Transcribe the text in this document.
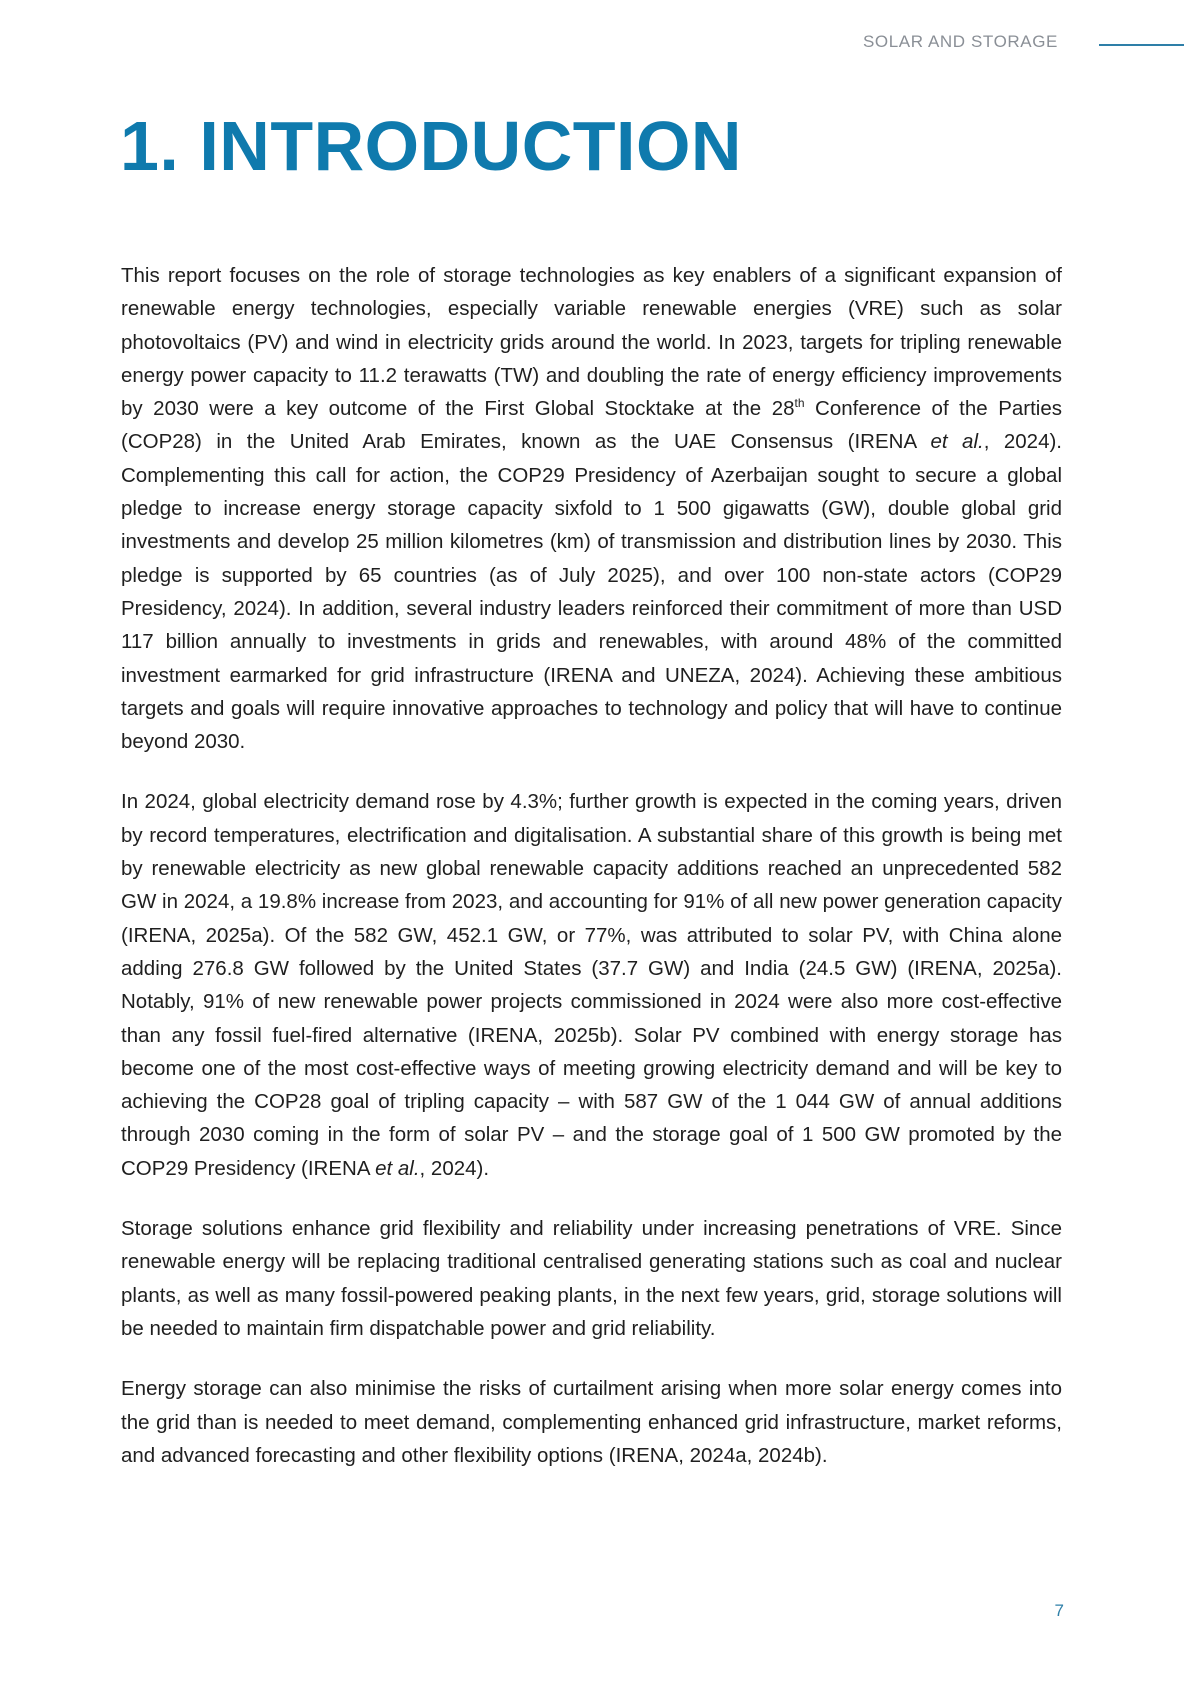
SOLAR AND STORAGE
1. INTRODUCTION

This report focuses on the role of storage technologies as key enablers of a significant expansion of renewable energy technologies, especially variable renewable energies (VRE) such as solar photovoltaics (PV) and wind in electricity grids around the world. In 2023, targets for tripling renewable energy power capacity to 11.2 terawatts (TW) and doubling the rate of energy efficiency improvements by 2030 were a key outcome of the First Global Stocktake at the 28th Conference of the Parties (COP28) in the United Arab Emirates, known as the UAE Consensus (IRENA et al., 2024). Complementing this call for action, the COP29 Presidency of Azerbaijan sought to secure a global pledge to increase energy storage capacity sixfold to 1 500 gigawatts (GW), double global grid investments and develop 25 million kilometres (km) of transmission and distribution lines by 2030. This pledge is supported by 65 countries (as of July 2025), and over 100 non-state actors (COP29 Presidency, 2024). In addition, several industry leaders reinforced their commitment of more than USD 117 billion annually to investments in grids and renewables, with around 48% of the committed investment earmarked for grid infrastructure (IRENA and UNEZA, 2024). Achieving these ambitious targets and goals will require innovative approaches to technology and policy that will have to continue beyond 2030.

In 2024, global electricity demand rose by 4.3%; further growth is expected in the coming years, driven by record temperatures, electrification and digitalisation. A substantial share of this growth is being met by renewable electricity as new global renewable capacity additions reached an unprecedented 582 GW in 2024, a 19.8% increase from 2023, and accounting for 91% of all new power generation capacity (IRENA, 2025a). Of the 582 GW, 452.1 GW, or 77%, was attributed to solar PV, with China alone adding 276.8 GW followed by the United States (37.7 GW) and India (24.5 GW) (IRENA, 2025a). Notably, 91% of new renewable power projects commissioned in 2024 were also more cost-effective than any fossil fuel-fired alternative (IRENA, 2025b). Solar PV combined with energy storage has become one of the most cost-effective ways of meeting growing electricity demand and will be key to achieving the COP28 goal of tripling capacity – with 587 GW of the 1 044 GW of annual additions through 2030 coming in the form of solar PV – and the storage goal of 1 500 GW promoted by the COP29 Presidency (IRENA et al., 2024).

Storage solutions enhance grid flexibility and reliability under increasing penetrations of VRE. Since renewable energy will be replacing traditional centralised generating stations such as coal and nuclear plants, as well as many fossil-powered peaking plants, in the next few years, grid, storage solutions will be needed to maintain firm dispatchable power and grid reliability.

Energy storage can also minimise the risks of curtailment arising when more solar energy comes into the grid than is needed to meet demand, complementing enhanced grid infrastructure, market reforms, and advanced forecasting and other flexibility options (IRENA, 2024a, 2024b).

7
